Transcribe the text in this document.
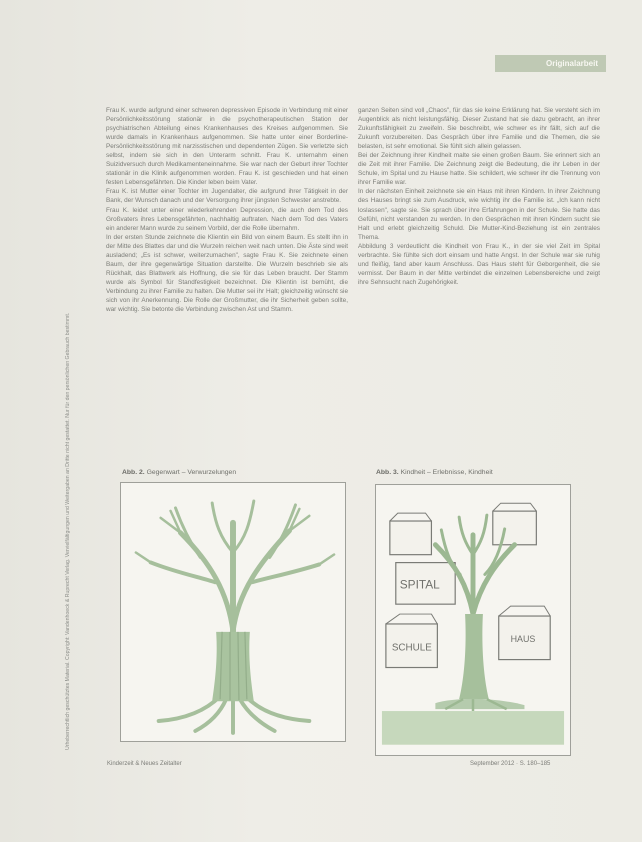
Originalarbeit
Urheberrechtlich geschütztes Material. Copyright: Vandenhoeck & Ruprecht Verlag. Vervielfältigungen und Weitergaben an Dritte nicht gestattet. Nur für den persönlichen Gebrauch bestimmt.

Frau K. wurde aufgrund einer schweren depressiven Episode in Verbindung mit einer Persönlichkeitsstörung stationär in die psychotherapeutischen Station der psychiatrischen Abteilung eines Krankenhauses des Kreises aufgenommen. Sie wurde damals in Krankenhaus aufgenommen. Sie hatte unter einer Borderline-Persönlichkeitsstörung mit narzisstischen und dependenten Zügen. Sie verletzte sich selbst, indem sie sich in den Unterarm schnitt. Frau K. unternahm einen Suizidversuch durch Medikamenteneinnahme. Sie war nach der Geburt ihrer Tochter stationär in die Klinik aufgenommen worden. Frau K. ist geschieden und hat einen festen Lebensgefährten. Die Kinder leben beim Vater.

Frau K. ist Mutter einer Tochter im Jugendalter, die aufgrund ihrer Tätigkeit in der Bank, der Wunsch danach und der Versorgung ihrer jüngsten Schwester anstrebte.

Frau K. leidet unter einer wiederkehrenden Depression, die auch dem Tod des Großvaters ihres Lebensgefährten, nachhaltig auftraten. Nach dem Tod des Vaters ein anderer Mann wurde zu seinem Vorbild, der die Rolle übernahm.

In der ersten Stunde zeichnete die Klientin ein Bild von einem Baum. Es stellt ihn in der Mitte des Blattes dar und die Wurzeln reichen weit nach unten. Die Äste sind weit ausladend; „Es ist schwer, weiterzumachen", sagte Frau K. Sie zeichnete einen Baum, der ihre gegenwärtige Situation darstellte. Die Wurzeln beschrieb sie als Rückhalt, das Blattwerk als Hoffnung, die sie für das Leben braucht. Der Stamm wurde als Symbol für Standfestigkeit bezeichnet. Die Klientin ist bemüht, die Verbindung zu ihrer Familie zu halten. Die Mutter sei ihr Halt; gleichzeitig wünscht sie sich von ihr Anerkennung. Die Rolle der Großmutter, die ihr Sicherheit geben sollte, war wichtig. Sie betonte die Verbindung zwischen Ast und Stamm.

ganzen Seiten sind voll „Chaos", für das sie keine Erklärung hat. Sie versteht sich im Augenblick als nicht leistungsfähig. Dieser Zustand hat sie dazu gebracht, an ihrer Zukunftsfähigkeit zu zweifeln. Sie beschreibt, wie schwer es ihr fällt, sich auf die Zukunft vorzubereiten. Das Gespräch über ihre Familie und die Themen, die sie belasten, ist sehr emotional. Sie fühlt sich allein gelassen.

Bei der Zeichnung ihrer Kindheit malte sie einen großen Baum. Sie erinnert sich an die Zeit mit ihrer Familie. Die Zeichnung zeigt die Bedeutung, die ihr Leben in der Schule, im Spital und zu Hause hatte. Sie schildert, wie schwer ihr die Trennung von ihrer Familie war.

In der nächsten Einheit zeichnete sie ein Haus mit ihren Kindern. In ihrer Zeichnung des Hauses bringt sie zum Ausdruck, wie wichtig ihr die Familie ist. „Ich kann nicht loslassen", sagte sie. Sie sprach über ihre Erfahrungen in der Schule. Sie hatte das Gefühl, nicht verstanden zu werden. In den Gesprächen mit ihren Kindern sucht sie Halt und erlebt gleichzeitig Schuld. Die Mutter-Kind-Beziehung ist ein zentrales Thema.

Abbildung 3 verdeutlicht die Kindheit von Frau K., in der sie viel Zeit im Spital verbrachte. Sie fühlte sich dort einsam und hatte Angst. In der Schule war sie ruhig und fleißig, fand aber kaum Anschluss. Das Haus steht für Geborgenheit, die sie vermisst. Der Baum in der Mitte verbindet die einzelnen Lebensbereiche und zeigt ihre Sehnsucht nach Zugehörigkeit.

Abb. 2. Gegenwart – Verwurzelungen	Abb. 3. Kindheit – Erlebnisse, Kindheit
SPITAL
SCHULE
HAUS
Kinderzeit & Neues Zeitalter	September 2012 · S. 180–185
